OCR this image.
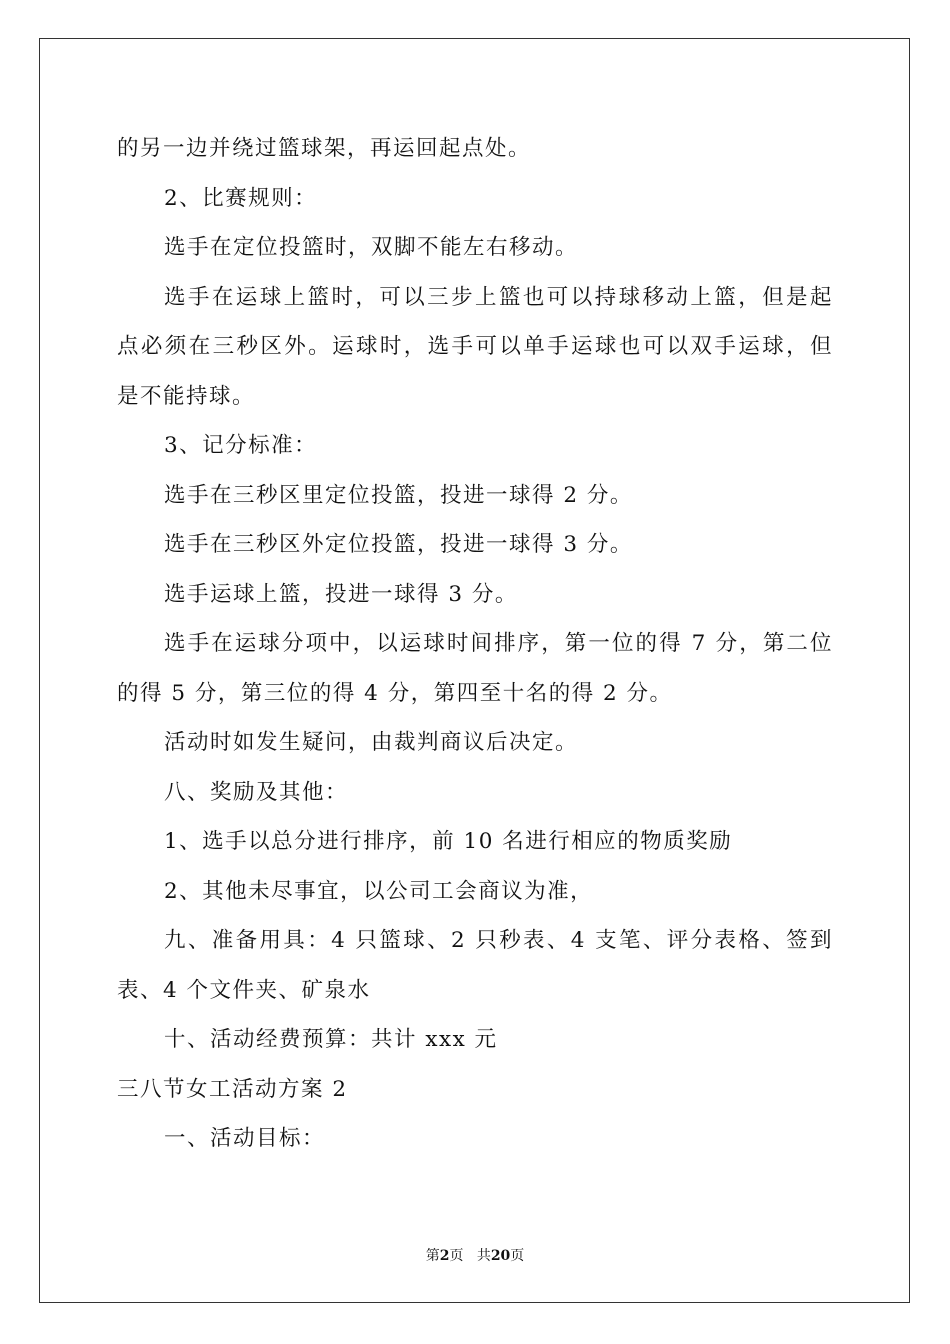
的另一边并绕过篮球架，再运回起点处。
2、比赛规则：
选手在定位投篮时，双脚不能左右移动。
选手在运球上篮时，可以三步上篮也可以持球移动上篮，但是起
点必须在三秒区外。运球时，选手可以单手运球也可以双手运球，但
是不能持球。
3、记分标准：
选手在三秒区里定位投篮，投进一球得 2 分。
选手在三秒区外定位投篮，投进一球得 3 分。
选手运球上篮，投进一球得 3 分。
选手在运球分项中，以运球时间排序，第一位的得 7 分，第二位
的得 5 分，第三位的得 4 分，第四至十名的得 2 分。
活动时如发生疑问，由裁判商议后决定。
八、奖励及其他：
1、选手以总分进行排序，前 10 名进行相应的物质奖励
2、其他未尽事宜，以公司工会商议为准，
九、准备用具：4 只篮球、2 只秒表、4 支笔、评分表格、签到
表、4 个文件夹、矿泉水
十、活动经费预算：共计 xxx 元
三八节女工活动方案 2
一、活动目标：
第2页 共20页
